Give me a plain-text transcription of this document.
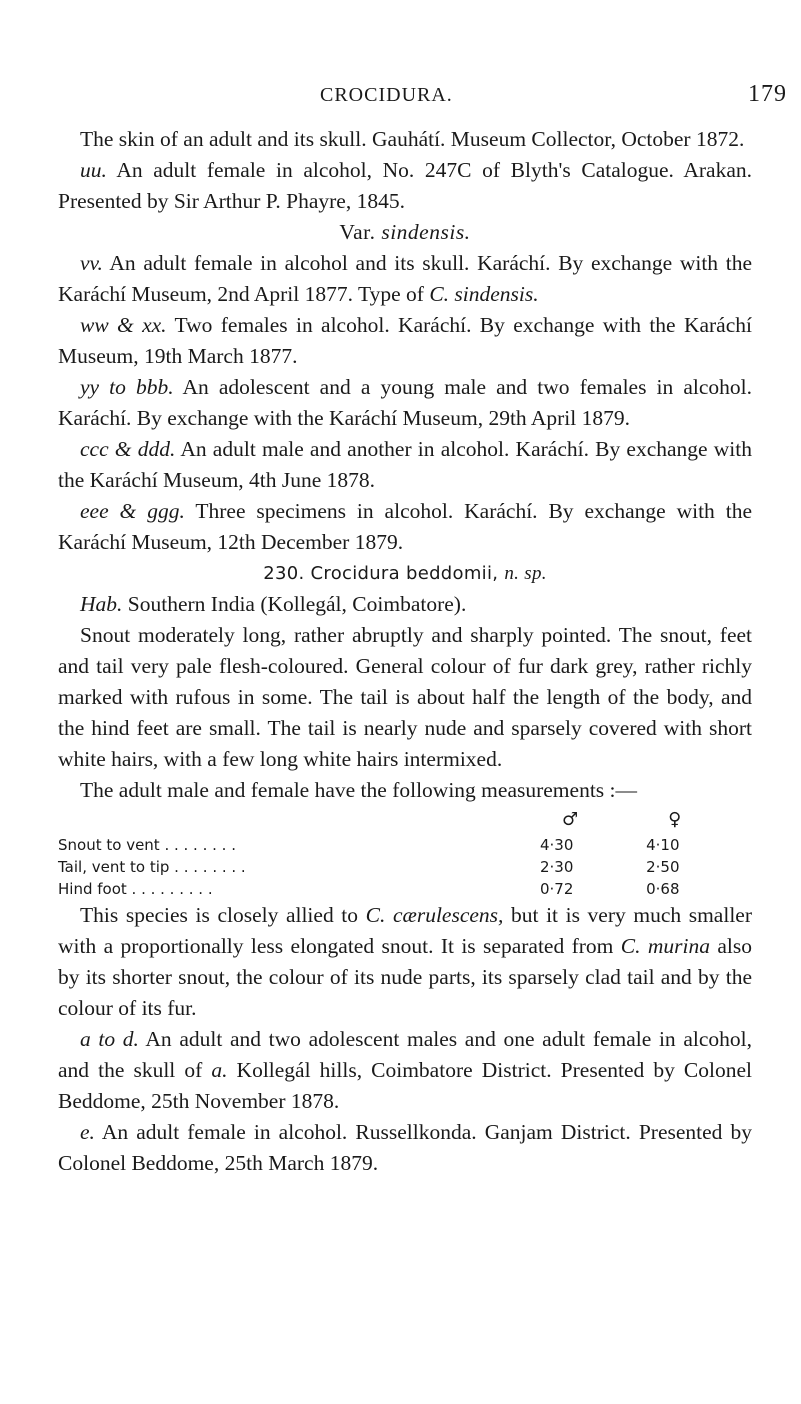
CROCIDURA.	179

The skin of an adult and its skull. Gauhátí. Museum Collector, October 1872.

uu. An adult female in alcohol, No. 247C of Blyth's Catalogue. Arakan. Presented by Sir Arthur P. Phayre, 1845.

Var. sindensis.

vv. An adult female in alcohol and its skull. Karáchí. By exchange with the Karáchí Museum, 2nd April 1877. Type of C. sindensis.

ww & xx. Two females in alcohol. Karáchí. By exchange with the Karáchí Museum, 19th March 1877.

yy to bbb. An adolescent and a young male and two females in alcohol. Karáchí. By exchange with the Karáchí Museum, 29th April 1879.

ccc & ddd. An adult male and another in alcohol. Karáchí. By exchange with the Karáchí Museum, 4th June 1878.

eee & ggg. Three specimens in alcohol. Karáchí. By exchange with the Karáchí Museum, 12th December 1879.

230. Crocidura beddomii, n. sp.

Hab. Southern India (Kollegál, Coimbatore).

Snout moderately long, rather abruptly and sharply pointed. The snout, feet and tail very pale flesh-coloured. General colour of fur dark grey, rather richly marked with rufous in some. The tail is about half the length of the body, and the hind feet are small. The tail is nearly nude and sparsely covered with short white hairs, with a few long white hairs intermixed.

The adult male and female have the following measurements :—

	♂	♀
Snout to vent . . . . . . . .	4·30	4·10
Tail, vent to tip . . . . . . . .	2·30	2·50
Hind foot . . . . . . . . .	0·72	0·68

This species is closely allied to C. cærulescens, but it is very much smaller with a proportionally less elongated snout. It is separated from C. murina also by its shorter snout, the colour of its nude parts, its sparsely clad tail and by the colour of its fur.

a to d. An adult and two adolescent males and one adult female in alcohol, and the skull of a. Kollegál hills, Coimbatore District. Presented by Colonel Beddome, 25th November 1878.

e. An adult female in alcohol. Russellkonda. Ganjam District. Presented by Colonel Beddome, 25th March 1879.
